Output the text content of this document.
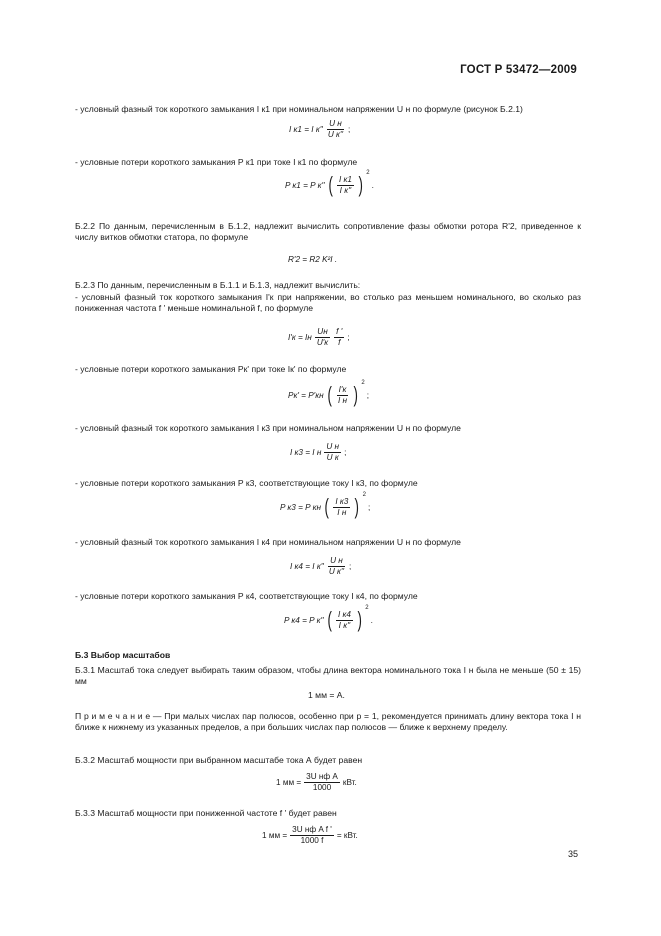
ГОСТ Р 53472—2009
- условный фазный ток короткого замыкания I к1 при номинальном напряжении U н по формуле (рисунок Б.2.1)
I к1 = I $к'' \frac{\text{U н}}{\text{U к''}}$ ;
- условные потери короткого замыкания P к1 при токе I к1 по формуле
P к1 = P к'' ( $\frac{\text{I к1}}{\text{I к''}}$ ) 2
.
Б.2.2 По данным, перечисленным в Б.1.2, надлежит вычислить сопротивление фазы обмотки ротора R'2, приведенное к числу витков обмотки статора, по формуле
R'2 = R2 K²I .
Б.2.3 По данным, перечисленным в Б.1.1 и Б.1.3, надлежит вычислить:
- условный фазный ток короткого замыкания I'к при напряжении, во столько раз меньшем номинального, во сколько раз пониженная частота f ' меньше номинальной f, по формуле
I'к = Iн $\frac{Uн}{U'к} \frac{f '}{f}$ ;
- условные потери короткого замыкания Pк' при токе Iк' по формуле
Pк' = P'кн ( $\frac{I'к}{\text{I н}}$ ) 2
;
- условный фазный ток короткого замыкания I к3 при номинальном напряжении U н по формуле
I к3 = I н $\frac{\text{U н}}{\text{U к}}$ ;
- условные потери короткого замыкания P к3, соответствующие току I к3, по формуле
P к3 = P кн ( $\frac{\text{I к3}}{\text{I н}}$ ) 2
;
- условный фазный ток короткого замыкания I к4 при номинальном напряжении U н по формуле
I к4 = I $к'' \frac{\text{U н}}{\text{U к''}}$ ;
- условные потери короткого замыкания P к4, соответствующие току I к4, по формуле
P к4 = P к'' ( $\frac{\text{I к4}}{\text{I к''}}$ ) 2
.
Б.3 Выбор масштабов
Б.3.1 Масштаб тока следует выбирать таким образом, чтобы длина вектора номинального тока I н была не меньше (50 ± 15) мм
1 мм = А.
П р и м е ч а н и е — При малых числах пар полюсов, особенно при p = 1, рекомендуется принимать длину вектора тока I н ближе к нижнему из указанных пределов, а при больших числах пар полюсов — ближе к верхнему пределу.
Б.3.2 Масштаб мощности при выбранном масштабе тока А будет равен
1 мм = $\frac{\text{3U нф A}}{1000}$ кВт.
Б.3.3 Масштаб мощности при пониженной частоте f ' будет равен
1 мм = $\frac{\text{3U нф A f '}}{1000 f}$ = кВт.
35
